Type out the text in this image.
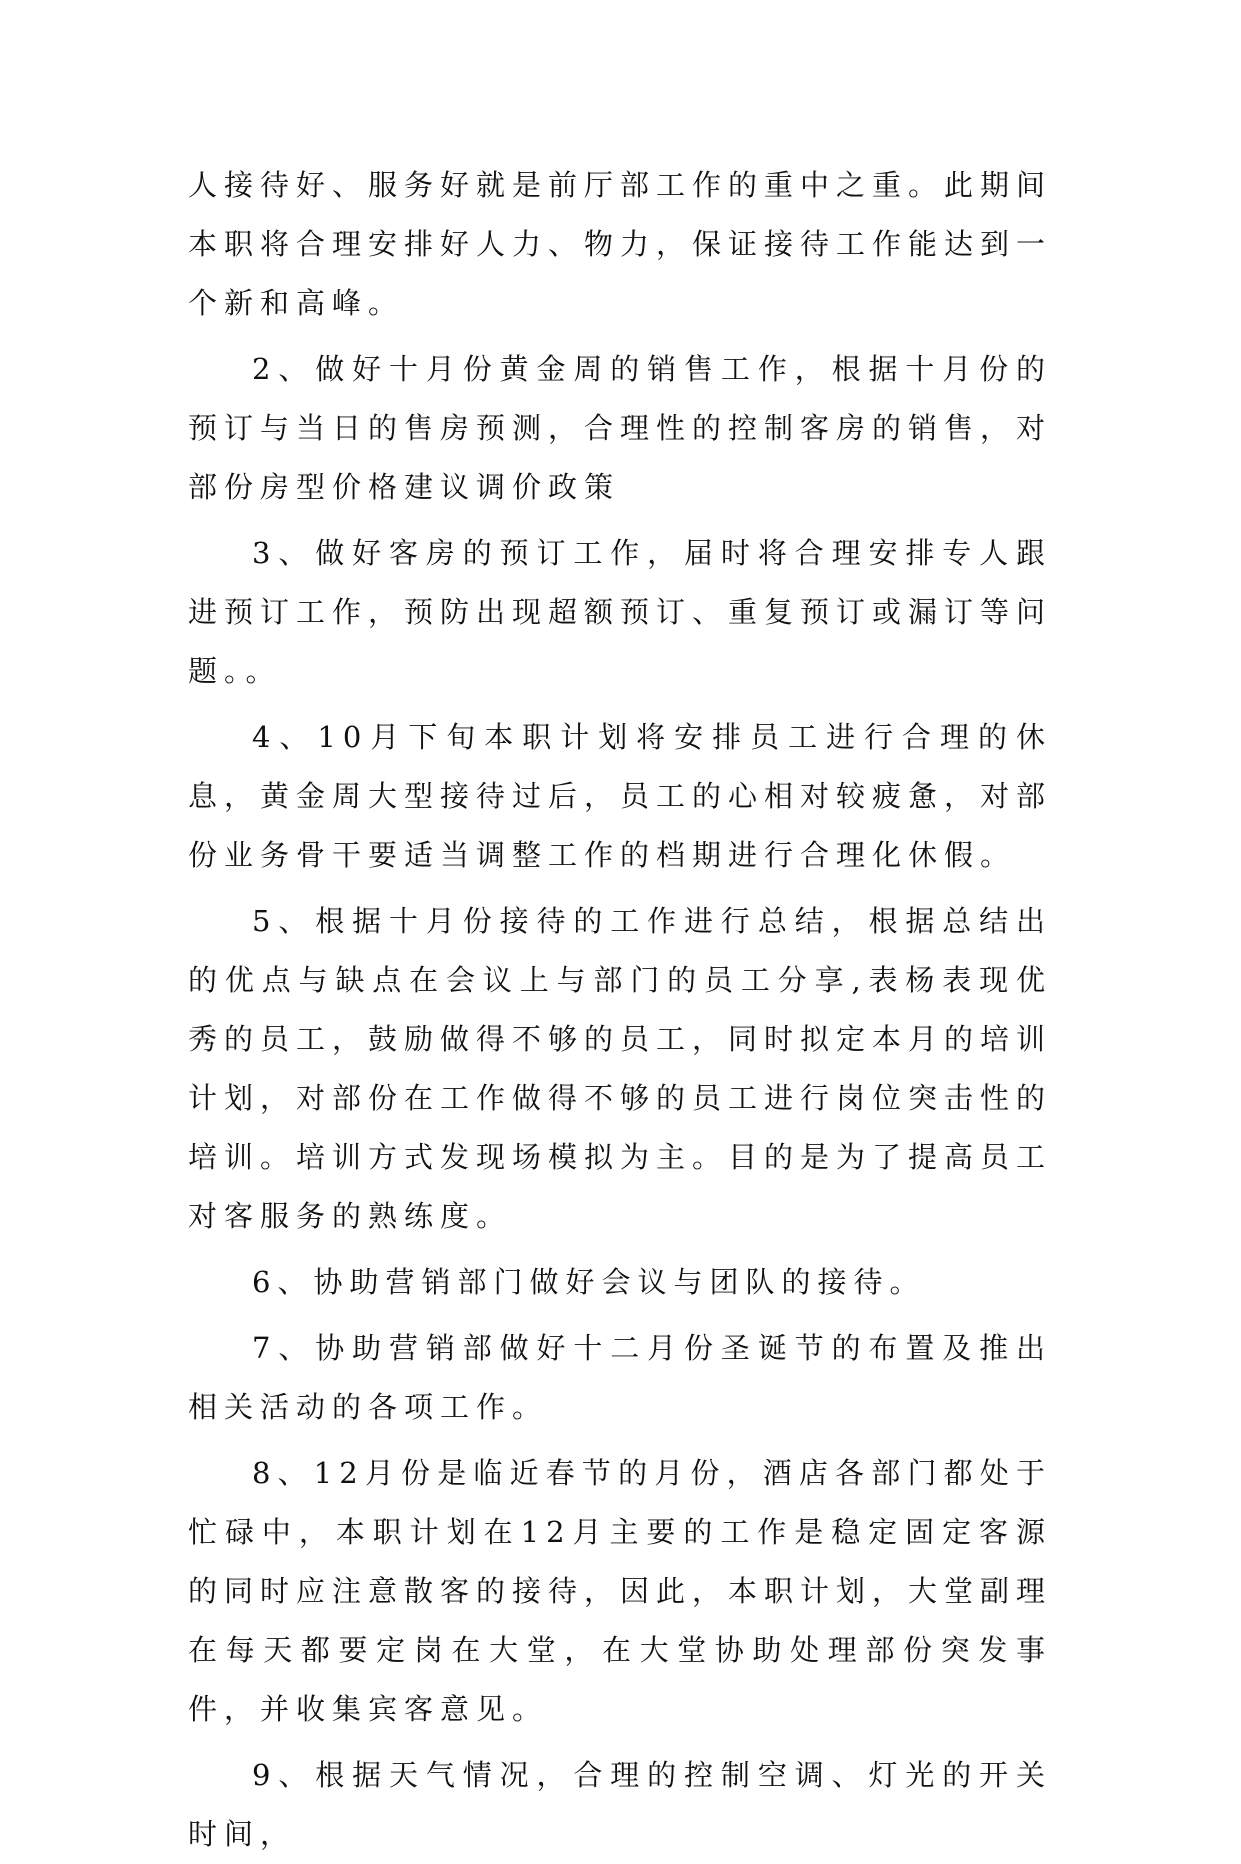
人接待好、服务好就是前厅部工作的重中之重。此期间本职将合理安排好人力、物力，保证接待工作能达到一个新和高峰。

2、做好十月份黄金周的销售工作，根据十月份的预订与当日的售房预测，合理性的控制客房的销售，对部份房型价格建议调价政策

3、做好客房的预订工作，届时将合理安排专人跟进预订工作，预防出现超额预订、重复预订或漏订等问题。。

4、10月下旬本职计划将安排员工进行合理的休息，黄金周大型接待过后，员工的心相对较疲惫，对部份业务骨干要适当调整工作的档期进行合理化休假。

5、根据十月份接待的工作进行总结，根据总结出的优点与缺点在会议上与部门的员工分享,表杨表现优秀的员工，鼓励做得不够的员工，同时拟定本月的培训计划，对部份在工作做得不够的员工进行岗位突击性的培训。培训方式发现场模拟为主。目的是为了提高员工对客服务的熟练度。

6、协助营销部门做好会议与团队的接待。

7、协助营销部做好十二月份圣诞节的布置及推出相关活动的各项工作。

8、12月份是临近春节的月份，酒店各部门都处于忙碌中，本职计划在12月主要的工作是稳定固定客源的同时应注意散客的接待，因此，本职计划，大堂副理在每天都要定岗在大堂，在大堂协助处理部份突发事件，并收集宾客意见。

9、根据天气情况，合理的控制空调、灯光的开关时间，
